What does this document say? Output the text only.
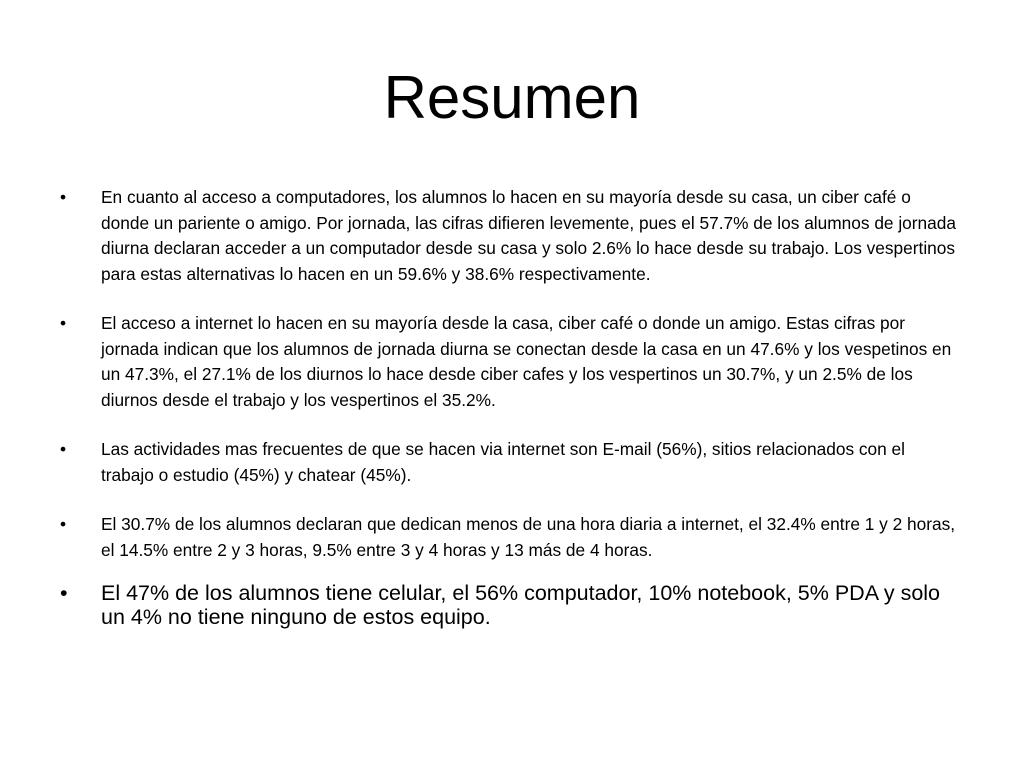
Resumen
• En cuanto al acceso a computadores, los alumnos lo hacen en su mayoría desde su casa, un ciber café o donde un pariente o amigo. Por jornada, las cifras difieren levemente, pues el 57.7% de los alumnos de jornada diurna declaran acceder a un computador desde su casa y solo 2.6% lo hace desde su trabajo. Los vespertinos para estas alternativas lo hacen en un 59.6% y 38.6% respectivamente.
• El acceso a internet lo hacen en su mayoría desde la casa, ciber café o donde un amigo. Estas cifras por jornada indican que los alumnos de jornada diurna se conectan desde la casa en un 47.6% y los vespetinos en un 47.3%, el 27.1% de los diurnos lo hace desde ciber cafes y los vespertinos un 30.7%, y un 2.5% de los diurnos desde el trabajo y los vespertinos el 35.2%.
• Las actividades mas frecuentes de que se hacen via internet son E-mail (56%), sitios relacionados con el trabajo o estudio (45%) y chatear (45%).
• El 30.7% de los alumnos declaran que dedican menos de una hora diaria a internet, el 32.4% entre 1 y 2 horas, el 14.5% entre 2 y 3 horas, 9.5% entre 3 y 4 horas y 13 más de 4 horas.
• El 47% de los alumnos tiene celular, el 56% computador, 10% notebook, 5% PDA y solo un 4% no tiene ninguno de estos equipo.
